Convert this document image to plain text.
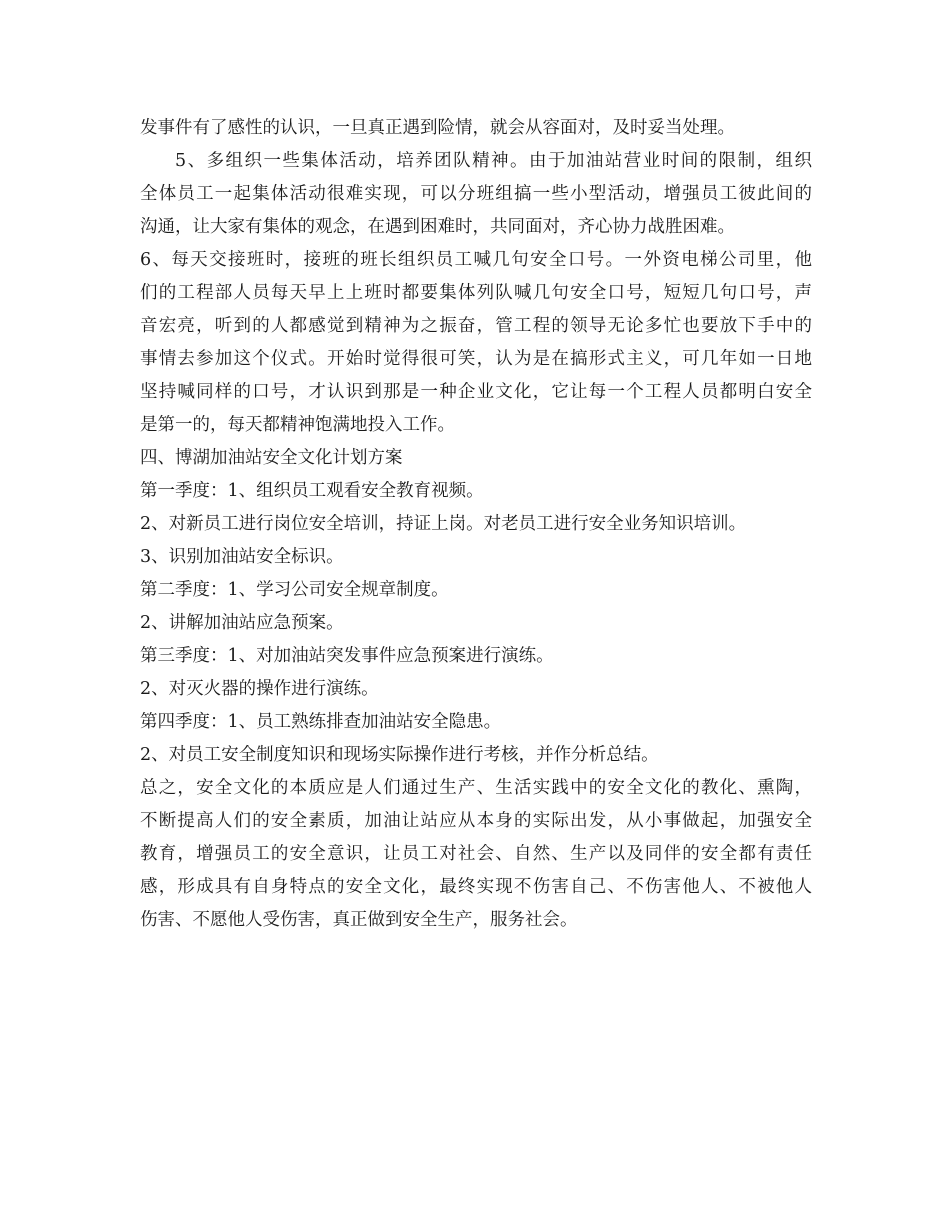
发事件有了感性的认识，一旦真正遇到险情，就会从容面对，及时妥当处理。
5、多组织一些集体活动，培养团队精神。由于加油站营业时间的限制，组织
全体员工一起集体活动很难实现，可以分班组搞一些小型活动，增强员工彼此间的
沟通，让大家有集体的观念，在遇到困难时，共同面对，齐心协力战胜困难。
6、每天交接班时，接班的班长组织员工喊几句安全口号。一外资电梯公司里，他
们的工程部人员每天早上上班时都要集体列队喊几句安全口号，短短几句口号，声
音宏亮，听到的人都感觉到精神为之振奋，管工程的领导无论多忙也要放下手中的
事情去参加这个仪式。开始时觉得很可笑，认为是在搞形式主义，可几年如一日地
坚持喊同样的口号，才认识到那是一种企业文化，它让每一个工程人员都明白安全
是第一的，每天都精神饱满地投入工作。
四、博湖加油站安全文化计划方案
第一季度：1、组织员工观看安全教育视频。
2、对新员工进行岗位安全培训，持证上岗。对老员工进行安全业务知识培训。
3、识别加油站安全标识。
第二季度：1、学习公司安全规章制度。
2、讲解加油站应急预案。
第三季度：1、对加油站突发事件应急预案进行演练。
2、对灭火器的操作进行演练。
第四季度：1、员工熟练排查加油站安全隐患。
2、对员工安全制度知识和现场实际操作进行考核，并作分析总结。
总之，安全文化的本质应是人们通过生产、生活实践中的安全文化的教化、熏陶，
不断提高人们的安全素质，加油让站应从本身的实际出发，从小事做起，加强安全
教育，增强员工的安全意识，让员工对社会、自然、生产以及同伴的安全都有责任
感，形成具有自身特点的安全文化，最终实现不伤害自己、不伤害他人、不被他人
伤害、不愿他人受伤害，真正做到安全生产，服务社会。
